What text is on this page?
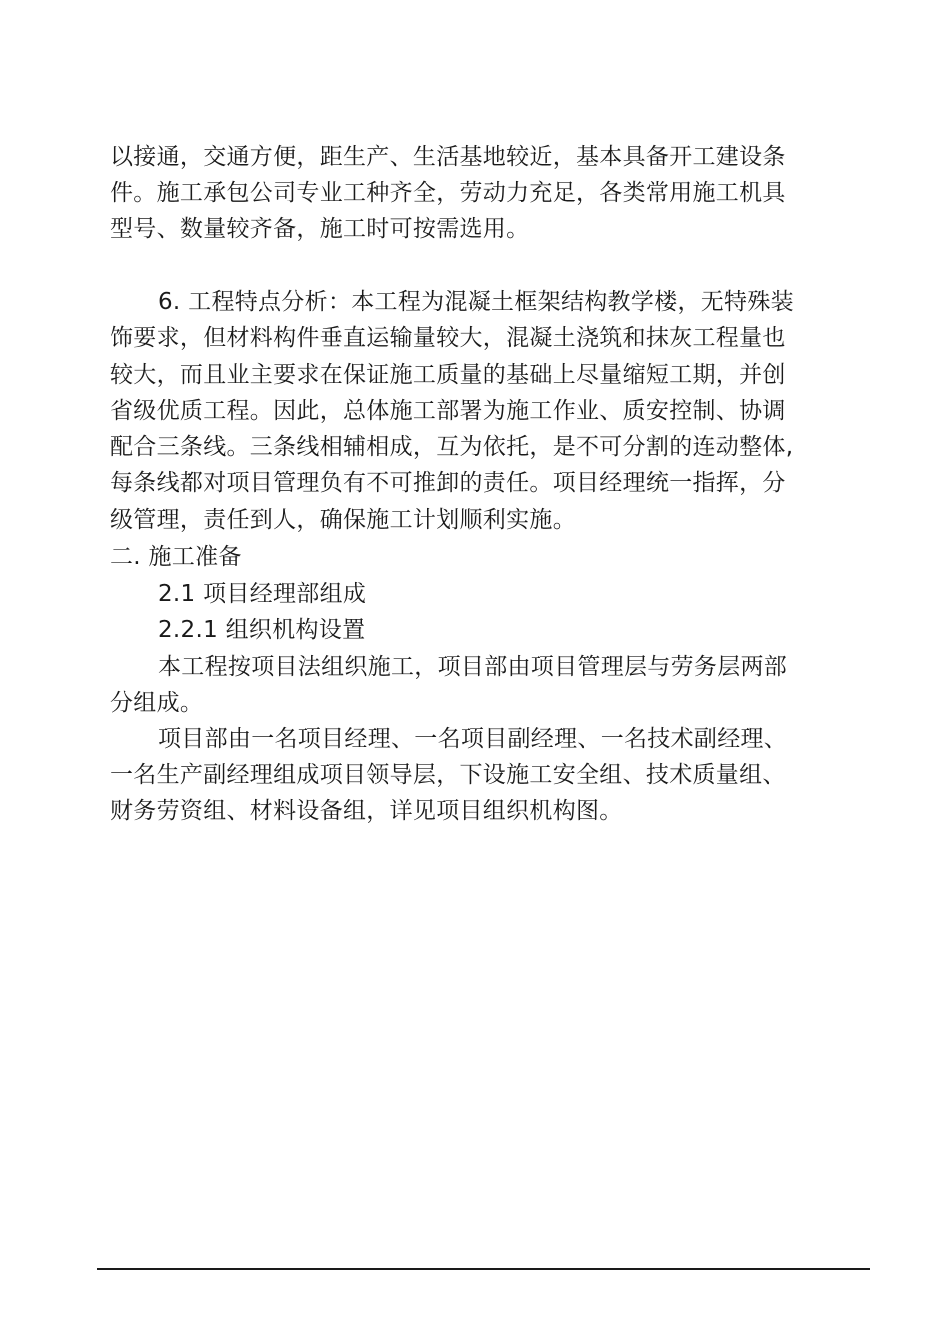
以接通，交通方便，距生产、生活基地较近，基本具备开工建设条
件。施工承包公司专业工种齐全，劳动力充足，各类常用施工机具
型号、数量较齐备，施工时可按需选用。
6. 工程特点分析：本工程为混凝土框架结构教学楼，无特殊装
饰要求，但材料构件垂直运输量较大，混凝土浇筑和抹灰工程量也
较大，而且业主要求在保证施工质量的基础上尽量缩短工期，并创
省级优质工程。因此，总体施工部署为施工作业、质安控制、协调
配合三条线。三条线相辅相成，互为依托，是不可分割的连动整体,
每条线都对项目管理负有不可推卸的责任。项目经理统一指挥，分
级管理，责任到人，确保施工计划顺利实施。
二. 施工准备
2.1 项目经理部组成
2.2.1 组织机构设置
本工程按项目法组织施工，项目部由项目管理层与劳务层两部
分组成。
项目部由一名项目经理、一名项目副经理、一名技术副经理、
一名生产副经理组成项目领导层，下设施工安全组、技术质量组、
财务劳资组、材料设备组，详见项目组织机构图。
